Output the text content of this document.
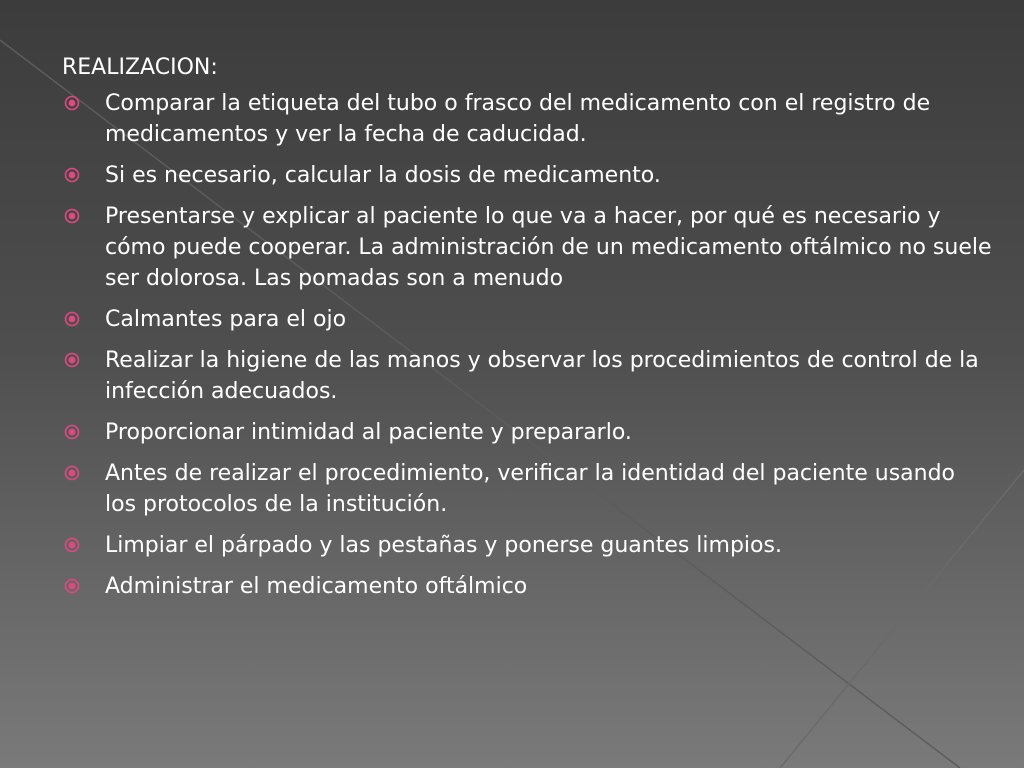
REALIZACION:
Comparar la etiqueta del tubo o frasco del medicamento con el registro de medicamentos y ver la fecha de caducidad.
Si es necesario, calcular la dosis de medicamento.
Presentarse y explicar al paciente lo que va a hacer, por qué es necesario y cómo puede cooperar. La administración de un medicamento oftálmico no suele ser dolorosa. Las pomadas son a menudo
Calmantes para el ojo
Realizar la higiene de las manos y observar los procedimientos de control de la infección adecuados.
Proporcionar intimidad al paciente y prepararlo.
Antes de realizar el procedimiento, verificar la identidad del paciente usando los protocolos de la institución.
Limpiar el párpado y las pestañas y ponerse guantes limpios.
Administrar el medicamento oftálmico
